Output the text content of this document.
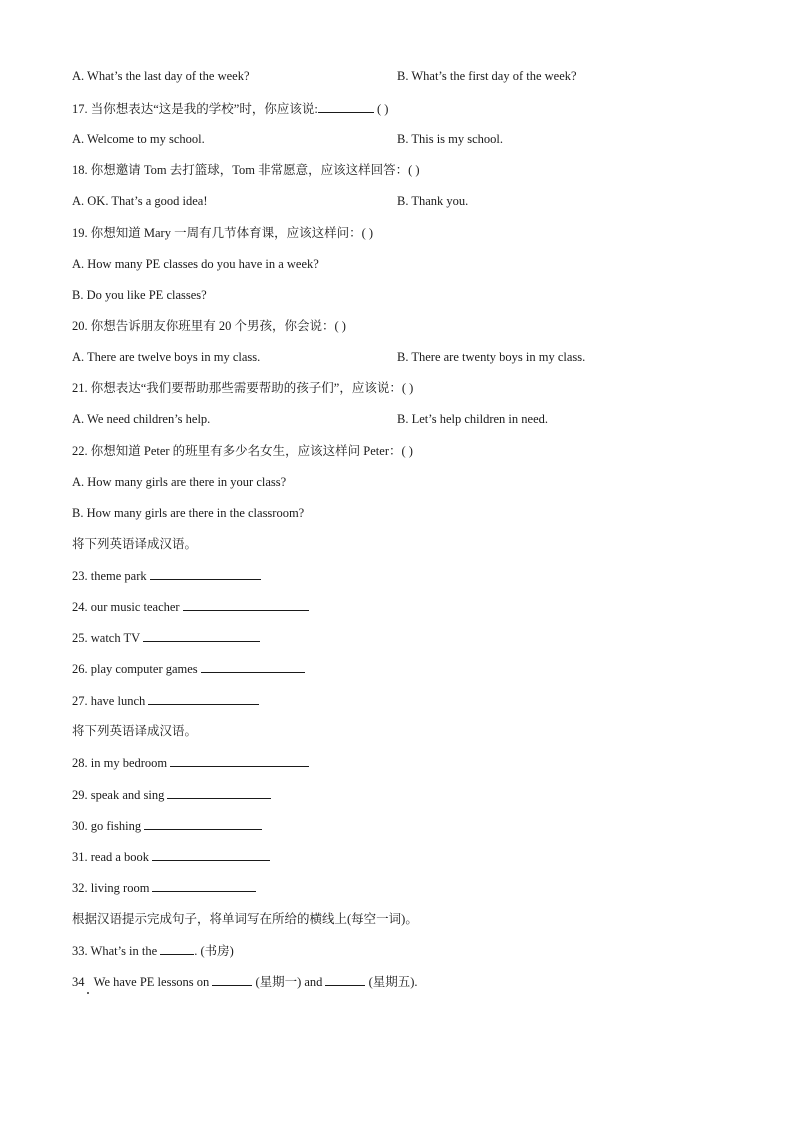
A. What’s the last day of the week?	B. What’s the first day of the week?
17. 当你想表达“这是我的学校”时，你应该说:	( )
A. Welcome to my school.	B. This is my school.
18. 你想邀请 Tom 去打篮球，Tom 非常愿意，应该这样回答：( )
A. OK. That’s a good idea!	B. Thank you.
19. 你想知道 Mary 一周有几节体育课，应该这样问：( )
A. How many PE classes do you have in a week?
B. Do you like PE classes?
20. 你想告诉朋友你班里有 20 个男孩，你会说：( )
A. There are twelve boys in my class.	B. There are twenty boys in my class.
21. 你想表达“我们要帮助那些需要帮助的孩子们”，应该说：( )
A. We need children’s help.	B. Let’s help children in need.
22. 你想知道 Peter 的班里有多少名女生，应该这样问 Peter：( )
A. How many girls are there in your class?
B. How many girls are there in the classroom?
将下列英语译成汉语。
23. theme park
24. our music teacher
25. watch TV
26. play computer games
27. have lunch
将下列英语译成汉语。
28. in my bedroom
29. speak and sing
30. go fishing
31. read a book
32. living room
根据汉语提示完成句子，将单词写在所给的横线上(每空一词)。
33. What’s in the	. (书房)
34 We have PE lessons on	(星期一) and	(星期五).
